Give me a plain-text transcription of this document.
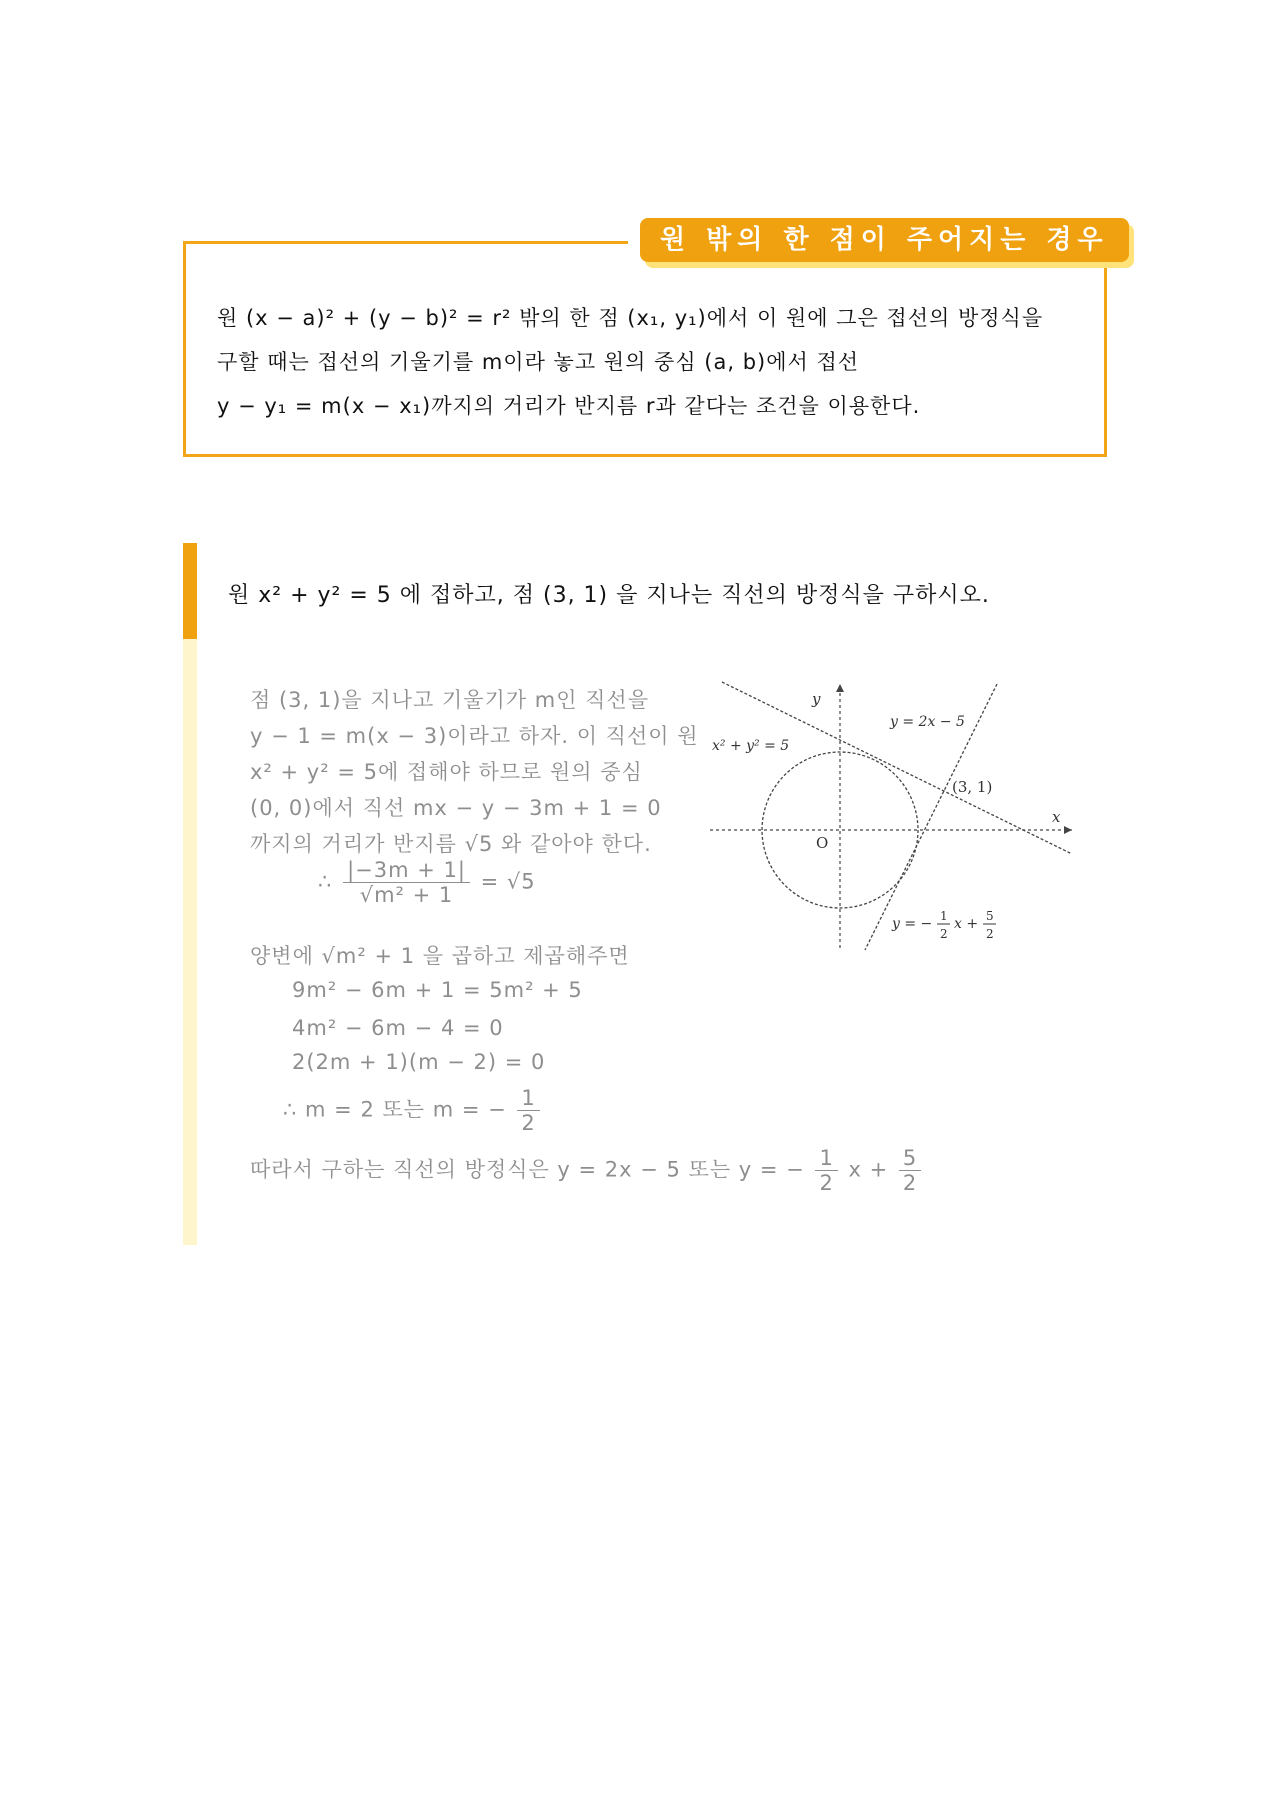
원 밖의 한 점이 주어지는 경우
원 (x − a)² + (y − b)² = r² 밖의 한 점 (x₁, y₁)에서 이 원에 그은 접선의 방정식을
구할 때는 접선의 기울기를 m이라 놓고 원의 중심 (a, b)에서 접선
y − y₁ = m(x − x₁)까지의 거리가 반지름 r과 같다는 조건을 이용한다.
원 x² + y² = 5 에 접하고, 점 (3, 1) 을 지나는 직선의 방정식을 구하시오.
점 (3, 1)을 지나고 기울기가 m인 직선을
y − 1 = m(x − 3)이라고 하자. 이 직선이 원
x² + y² = 5에 접해야 하므로 원의 중심
(0, 0)에서 직선 mx − y − 3m + 1 = 0
까지의 거리가 반지름 √5 와 같아야 한다.
∴ $\frac{|-3m + 1|}{\text{√m² + 1}} = √5$
양변에 √m² + 1 을 곱하고 제곱해주면
9m² − 6m + 1 = 5m² + 5
4m² − 6m − 4 = 0
2(2m + 1)(m − 2) = 0
∴ m = 2 또는 m = − $\frac{1}{2}$
따라서 구하는 직선의 방정식은 y = 2x − 5 또는 y = − $\frac{1}{2}$ $x + \frac{5}{2}$
y
x
O
x² + y² = 5
y = 2x − 5
(3, 1)
y = − 1
2
x + 5
2
